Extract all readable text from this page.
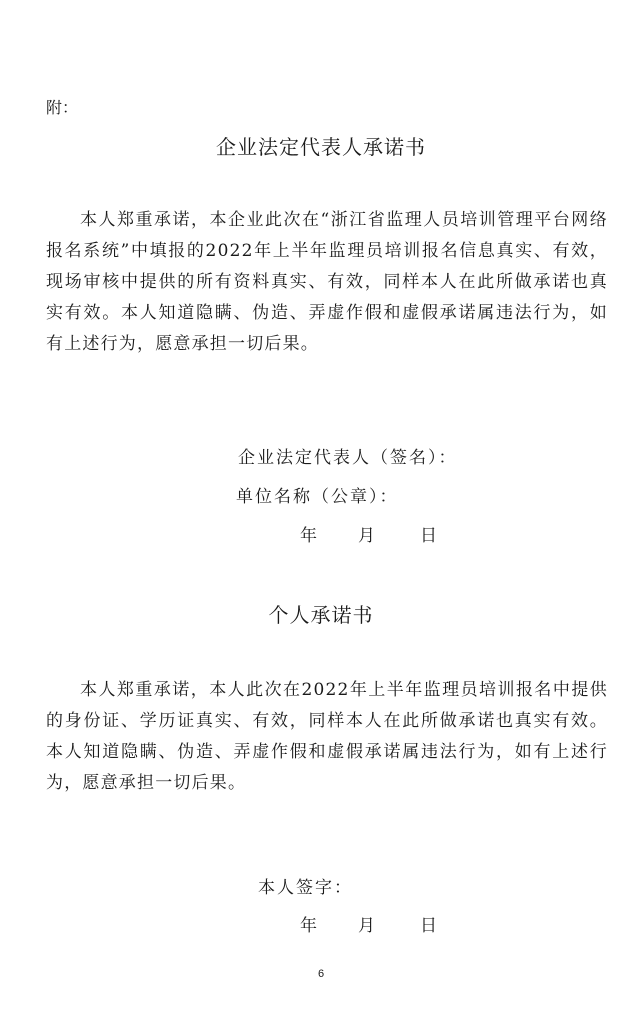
附：
企业法定代表人承诺书
本人郑重承诺，本企业此次在“浙江省监理人员培训管理平台网络报名系统”中填报的2022年上半年监理员培训报名信息真实、有效，现场审核中提供的所有资料真实、有效，同样本人在此所做承诺也真实有效。本人知道隐瞒、伪造、弄虚作假和虚假承诺属违法行为，如有上述行为，愿意承担一切后果。
企业法定代表人（签名）：
单位名称（公章）：
年 月	日
个人承诺书
本人郑重承诺，本人此次在2022年上半年监理员培训报名中提供的身份证、学历证真实、有效，同样本人在此所做承诺也真实有效。本人知道隐瞒、伪造、弄虚作假和虚假承诺属违法行为，如有上述行为，愿意承担一切后果。
本人签字：
年 月	日
6
